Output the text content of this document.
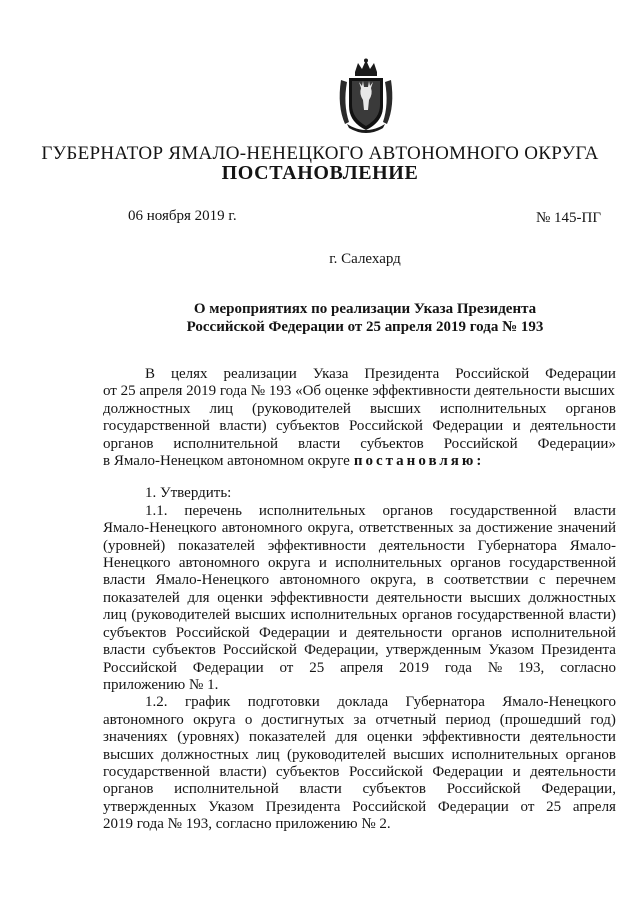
ГУБЕРНАТОР ЯМАЛО-НЕНЕЦКОГО АВТОНОМНОГО ОКРУГА
ПОСТАНОВЛЕНИЕ
06 ноября 2019 г.	№ 145-ПГ
г. Салехард
О мероприятиях по реализации Указа Президента
Российской Федерации от 25 апреля 2019 года № 193
В целях реализации Указа Президента Российской Федерации
от 25 апреля 2019 года № 193 «Об оценке эффективности деятельности высших
должностных лиц (руководителей высших исполнительных органов
государственной власти) субъектов Российской Федерации и деятельности
органов исполнительной власти субъектов Российской Федерации»
в Ямало-Ненецком автономном округе постановляю:
1. Утвердить:
1.1. перечень исполнительных органов государственной власти
Ямало-Ненецкого автономного округа, ответственных за достижение значений
(уровней) показателей эффективности деятельности Губернатора Ямало-
Ненецкого автономного округа и исполнительных органов государственной
власти Ямало-Ненецкого автономного округа, в соответствии с перечнем
показателей для оценки эффективности деятельности высших должностных
лиц (руководителей высших исполнительных органов государственной власти)
субъектов Российской Федерации и деятельности органов исполнительной
власти субъектов Российской Федерации, утвержденным Указом Президента
Российской Федерации от 25 апреля 2019 года № 193, согласно
приложению № 1.
1.2. график подготовки доклада Губернатора Ямало-Ненецкого
автономного округа о достигнутых за отчетный период (прошедший год)
значениях (уровнях) показателей для оценки эффективности деятельности
высших должностных лиц (руководителей высших исполнительных органов
государственной власти) субъектов Российской Федерации и деятельности
органов исполнительной власти субъектов Российской Федерации,
утвержденных Указом Президента Российской Федерации от 25 апреля
2019 года № 193, согласно приложению № 2.
